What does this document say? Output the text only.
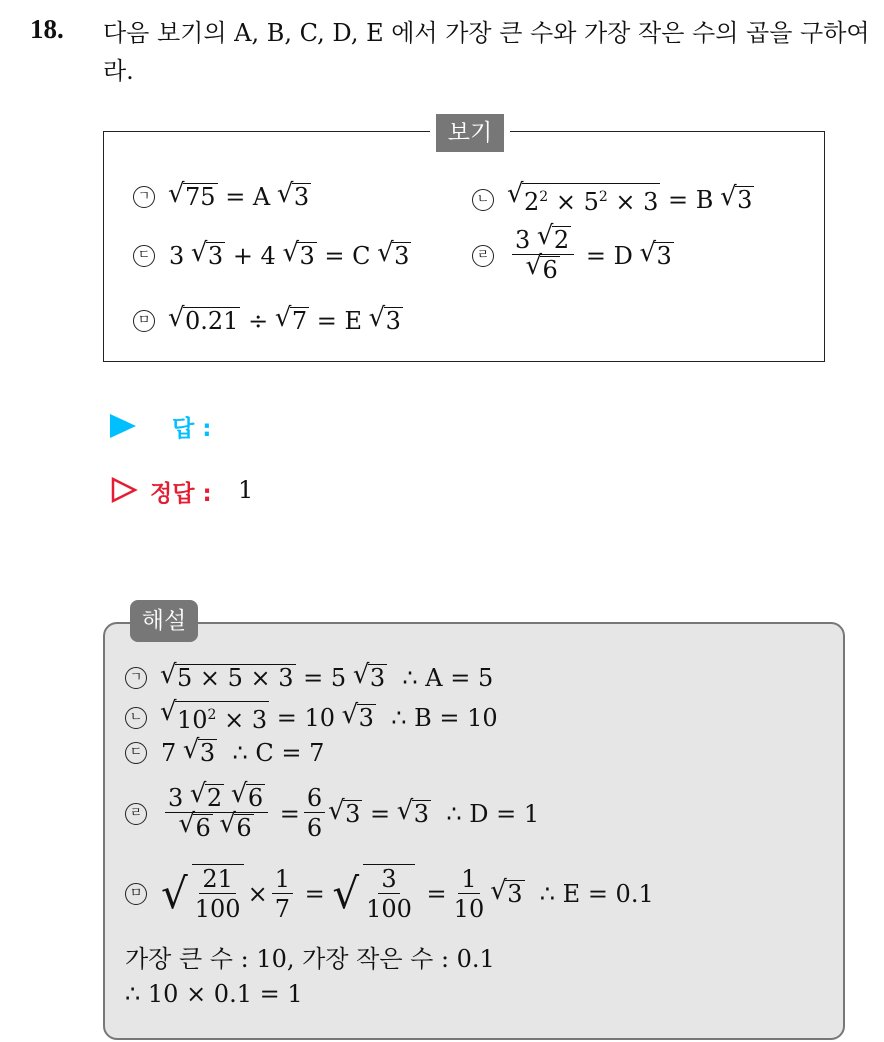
18. 다음 보기의 A, B, C, D, E 에서 가장 큰 수와 가장 작은 수의 곱을 구하여라.
보기
ㄱ	√ 75
= A
√ 3	ㄴ	√ $2^2 \times 5^2 \times 3$
= B
√ 3
ㄷ 3 √ 3 + 4 √ 3
= C
√ 3	ㄹ 3 √ 2
√ 6
= D
√ 3
ㅁ	√ 0.21 ÷ √ 7
= E
√ 3
답 :
정답 : 1
해설
ㄱ	√ 5 × 5 × 3 = 5 √ 3
∴ A = 5
ㄴ	√ $10^2 \times 3 = 10$ √ 3
∴ B = 10
ㄷ 7 √ 3
∴ C = 7
ㄹ 3 √ 2 √ 6
√ 6 √ $6 = \frac{6}{6}$ √ 3 = √ 3
∴ D = 1
ㅁ √ $\frac{21}{100} \times \frac{1}{7}$ = √ $\frac{3}{100} = \frac{1}{10}$ √ 3
∴ E = 0.1
가장 큰 수 : 10, 가장 작은 수 : 0.1
∴ 10 × 0.1 = 1
